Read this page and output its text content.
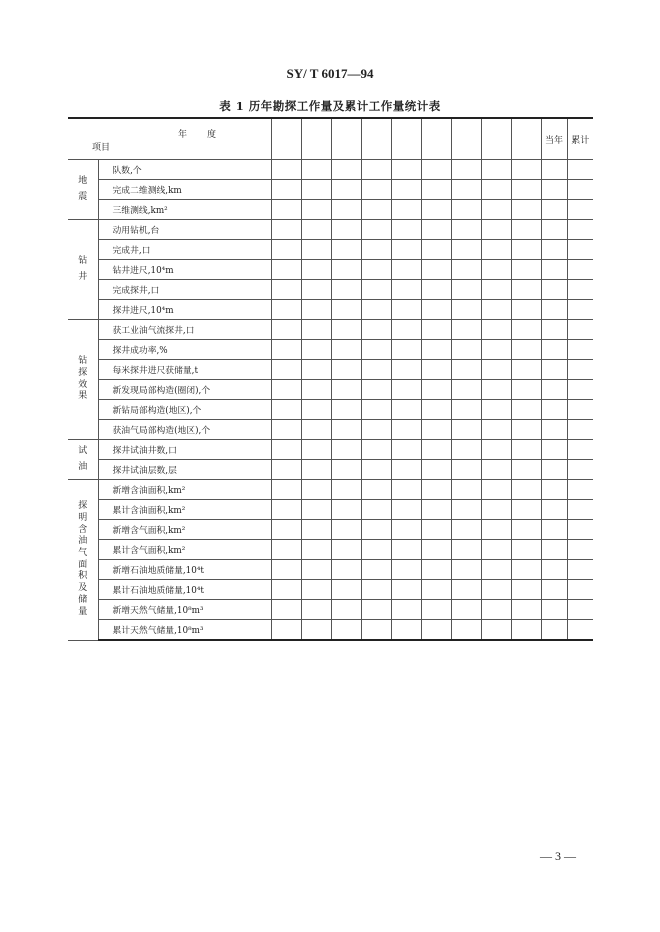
SY/ T 6017—94
表 1 历年勘探工作量及累计工作量统计表
年度
项目											当年	累计
地震	队数,个											
	完成二维测线,km											
	三维测线,km²											
钻井	动用钻机,台											
	完成井,口											
	钻井进尺,10⁴m											
	完成探井,口											
	探井进尺,10⁴m											
钻探效果	获工业油气流探井,口											
	探井成功率,%											
	每米探井进尺获储量,t											
	新发现局部构造(圈闭),个											
	新钻局部构造(地区),个											
	获油气局部构造(地区),个											
试油	探井试油井数,口											
	探井试油层数,层											
探明含油气面积及储量	新增含油面积,km²											
	累计含油面积,km²											
	新增含气面积,km²											
	累计含气面积,km²											
	新增石油地质储量,10⁴t											
	累计石油地质储量,10⁴t											
	新增天然气储量,10⁸m³											
	累计天然气储量,10⁸m³											
— 3 —
